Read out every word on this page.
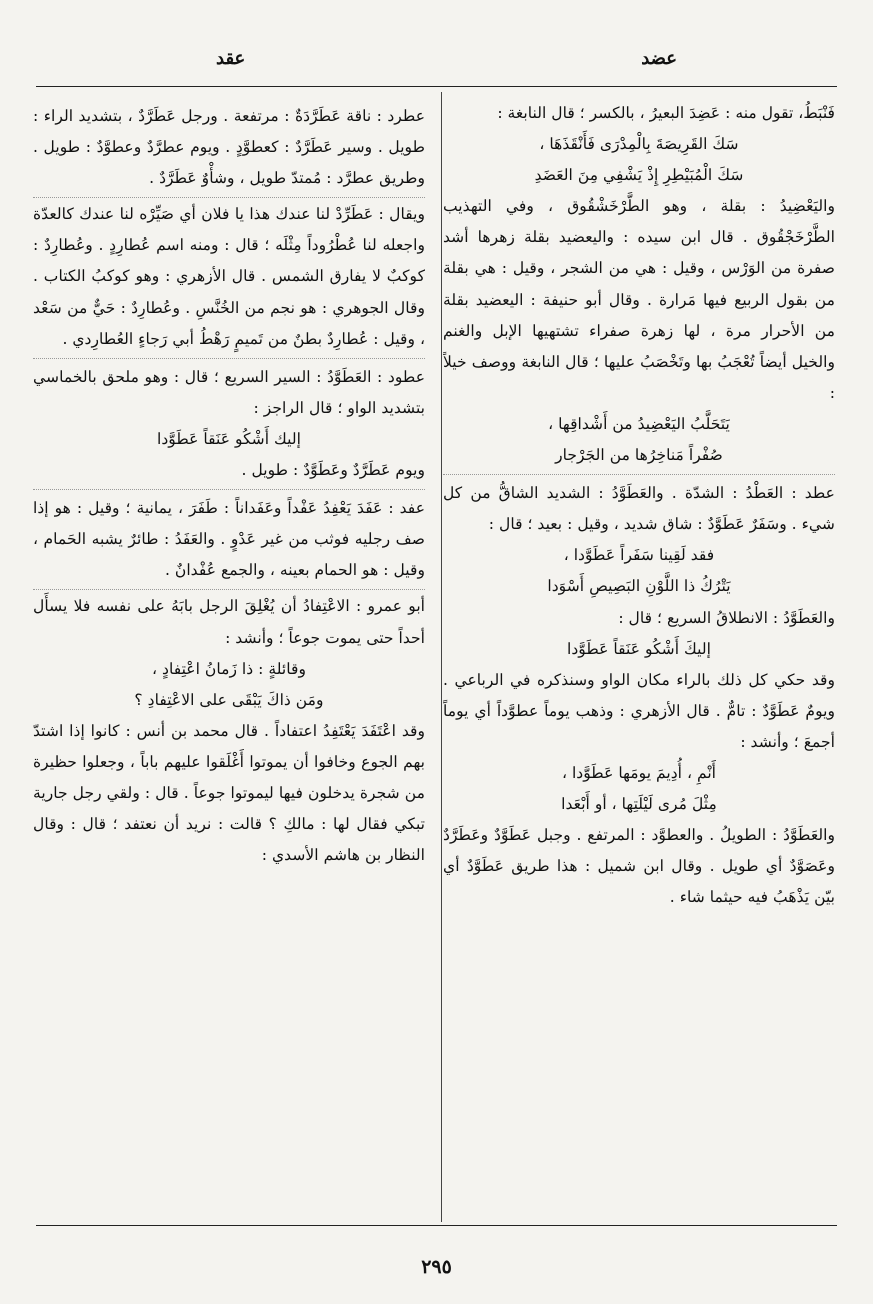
عضد
عقد

فَنْبَطُ، تقول منه : عَضِدَ البعيرُ ، بالكسر ؛ قال النابغة :

سَكَ القَرِيصَةَ بِالْمِدْرَى فَأَنْقَذَهَا ،
سَكَ الْمُبَيْطِرِ إِذْ يَشْفِي مِنَ العَضَدِ

واليَعْضِيدُ : بقلة ، وهو الطَّرْخَشْقُوق ، وفي التهذيب الطَّرْخَجْقُوق . قال ابن سيده : واليعضيد بقلة زهرها أشد صفرة من الوَرْس ، وقيل : هي من الشجر ، وقيل : هي بقلة من بقول الربيع فيها مَرارة . وقال أبو حنيفة : اليعضيد بقلة من الأحرار مرة ، لها زهرة صفراء تشتهيها الإبل والغنم والخيل أيضاً تُعْجَبُ بها وتَخْصَبُ عليها ؛ قال النابغة ووصف خيلاً :

يَتَحَلَّبُ اليَعْضِيدُ من أَشْداقِها ،
صُفْراً مَناخِرُها من الجَرْجار

عطد : العَطْدُ : الشدّة . والعَطَوَّدُ : الشديد الشاقُّ من كل شيء . وسَفَرٌ عَطَوَّدٌ : شاق شديد ، وقيل : بعيد ؛ قال :

فقد لَقِينا سَفَراً عَطَوَّدا ،
يَتْرُكُ ذا اللَّوْنِ البَصِيصِ أَسْوَدا

والعَطَوَّدُ : الانطلاقُ السريع ؛ قال :

إليكَ أَشْكُو عَنَقاً عَطَوَّدا

وقد حكي كل ذلك بالراء مكان الواو وسنذكره في الرباعي . ويومٌ عَطَوَّدٌ : تامٌّ . قال الأزهري : وذهب يوماً عطوَّداً أي يوماً أجمعَ ؛ وأنشد :

أَنْمِ ، أُدِيمَ يومَها عَطَوَّدا ،
مِثْلَ مُرى لَيْلَتِها ، أو أَبْعَدا

والعَطَوَّدُ : الطويلُ . والعطوَّد : المرتفع . وجبل عَطَوَّدٌ وعَطَرَّدٌ وعَصَوَّدٌ أي طويل . وقال ابن شميل : هذا طريق عَطَوَّدٌ أي بيّن يَذْهَبُ فيه حيثما شاء .

عطرد : ناقة عَطَرَّدَةٌ : مرتفعة . ورجل عَطَرَّدٌ ، بتشديد الراء : طويل . وسير عَطَرَّدٌ : كعطوَّدٍ . ويوم عطرَّدٌ وعطوَّدٌ : طويل . وطريق عطرَّد : مُمتدّ طويل ، وشأْوٌ عَطَرَّدٌ .

ويقال : عَطَرِّدْ لنا عندك هذا يا فلان أي صَيِّرْه لنا عندك كالعدّة واجعله لنا عُطْرُوداً مِثْلَه ؛ قال : ومنه اسم عُطارِدٍ . وعُطارِدٌ : كوكبٌ لا يفارق الشمس . قال الأزهري : وهو كوكبُ الكتاب . وقال الجوهري : هو نجم من الخُنَّسِ . وعُطارِدٌ : حَيٌّ من سَعْد ، وقيل : عُطارِدٌ بطنٌ من تَميمٍ رَهْطُ أبي رَجاءٍ العُطارِدي .

عطود : العَطَوَّدُ : السير السريع ؛ قال : وهو ملحق بالخماسي بتشديد الواو ؛ قال الراجز :

إليك أَشْكُو عَنَقاً عَطَوَّدا

ويوم عَطَرَّدٌ وعَطَوَّدٌ : طويل .

عفد : عَفَدَ يَعْفِدُ عَفْداً وعَفَداناً : طَفَرَ ، يمانية ؛ وقيل : هو إذا صف رجليه فوثب من غير عَدْوٍ . والعَفَدُ : طائرٌ يشبه الحَمام ، وقيل : هو الحمام بعينه ، والجمع عُفْدانٌ .

أبو عمرو : الاعْتِفادُ أن يُغْلِقَ الرجل بابَهُ على نفسه فلا يسأَل أحداً حتى يموت جوعاً ؛ وأنشد :

وقائلةٍ : ذا زَمانُ اعْتِفادٍ ،
ومَن ذاكَ يَبْقَى على الاعْتِفادِ ؟

وقد اعْتَفَدَ يَعْتَفِدُ اعتفاداً . قال محمد بن أنس : كانوا إذا اشتدّ بهم الجوع وخافوا أن يموتوا أَغْلَقوا عليهم باباً ، وجعلوا حظيرة من شجرة يدخلون فيها ليموتوا جوعاً . قال : ولقي رجل جارية تبكي فقال لها : مالكِ ؟ قالت : نريد أن نعتفد ؛ قال : وقال النظار بن هاشم الأسدي :

٢٩٥
